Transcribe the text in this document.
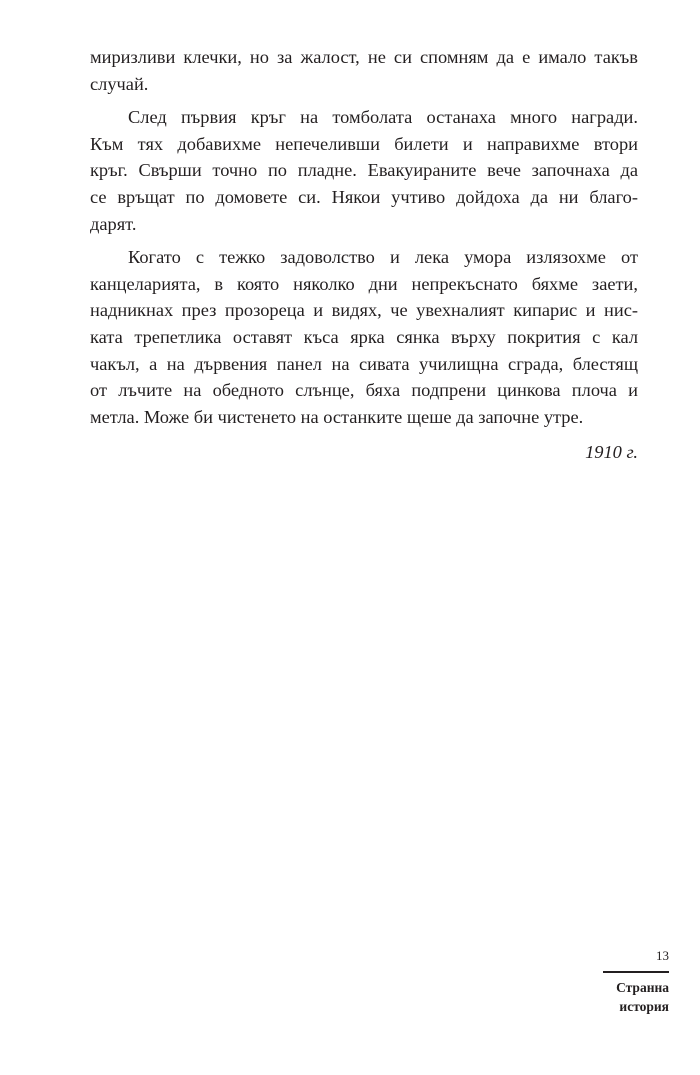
миризливи клечки, но за жалост, не си спомням да е имало такъв
случай.
След първия кръг на томболата останаха много награди.
Към тях добавихме непечеливши билети и направихме втори
кръг. Свърши точно по пладне. Евакуираните вече започнаха да
се връщат по домовете си. Някои учтиво дойдоха да ни благо-
дарят.
Когато с тежко задоволство и лека умора излязохме от
канцеларията, в която няколко дни непрекъснато бяхме заети,
надникнах през прозореца и видях, че увехналият кипарис и нис-
ката трепетлика оставят къса ярка сянка върху покрития с кал
чакъл, а на дървения панел на сивата училищна сграда, блестящ
от лъчите на обедното слънце, бяха подпрени цинкова плоча и
метла. Може би чистенето на останките щеше да започне утре.
1910 г.
13
Странна
история
